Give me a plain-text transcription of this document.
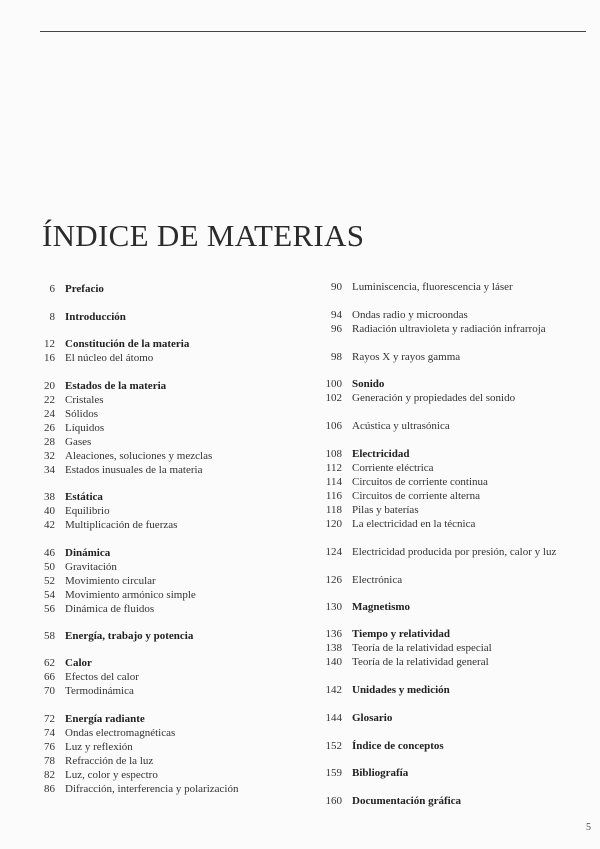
ÍNDICE DE MATERIAS
6 Prefacio
8 Introducción
12 Constitución de la materia
16 El núcleo del átomo
20 Estados de la materia
22 Cristales
24 Sólidos
26 Líquidos
28 Gases
32 Aleaciones, soluciones y mezclas
34 Estados inusuales de la materia
38 Estática
40 Equilibrio
42 Multiplicación de fuerzas
46 Dinámica
50 Gravitación
52 Movimiento circular
54 Movimiento armónico simple
56 Dinámica de fluidos
58 Energía, trabajo y potencia
62 Calor
66 Efectos del calor
70 Termodinámica
72 Energía radiante
74 Ondas electromagnéticas
76 Luz y reflexión
78 Refracción de la luz
82 Luz, color y espectro
86 Difracción, interferencia y polarización
90 Luminiscencia, fluorescencia y láser
94 Ondas radio y microondas
96 Radiación ultravioleta y radiación infrarroja
98 Rayos X y rayos gamma
100 Sonido
102 Generación y propiedades del sonido
106 Acústica y ultrasónica
108 Electricidad
112 Corriente eléctrica
114 Circuitos de corriente continua
116 Circuitos de corriente alterna
118 Pilas y baterías
120 La electricidad en la técnica
124 Electricidad producida por presión, calor y luz
126 Electrónica
130 Magnetismo
136 Tiempo y relatividad
138 Teoría de la relatividad especial
140 Teoría de la relatividad general
142 Unidades y medición
144 Glosario
152 Índice de conceptos
159 Bibliografía
160 Documentación gráfica
5
